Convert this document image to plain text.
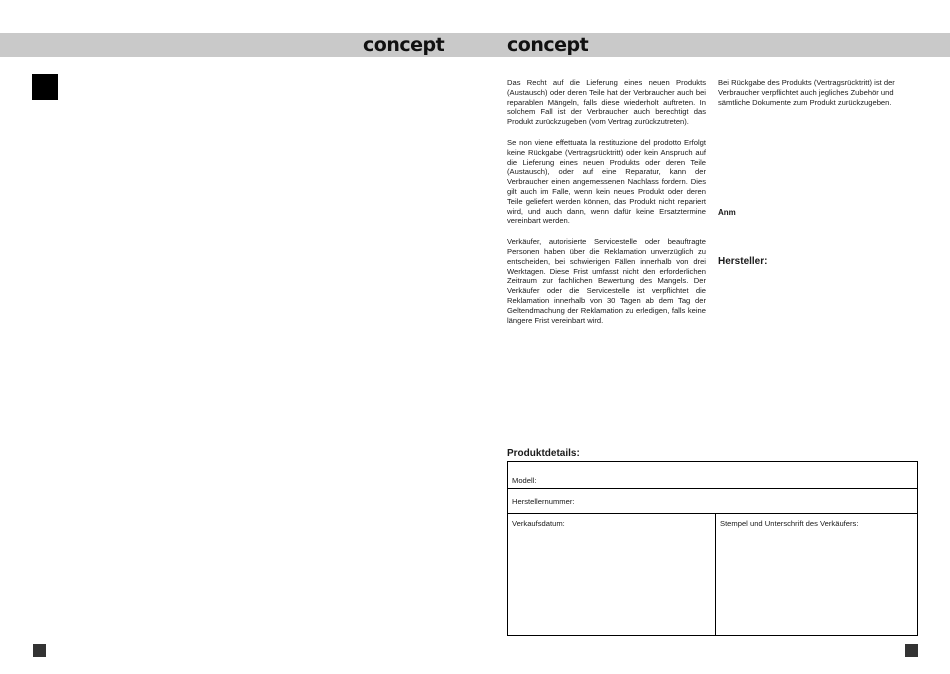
concept	concept

Das Recht auf die Lieferung eines neuen Produkts (Austausch) oder deren Teile hat der Verbraucher auch bei reparablen Mängeln, falls diese wiederholt auftreten. In solchem Fall ist der Verbraucher auch berechtigt das Produkt zurückzugeben (vom Vertrag zurückzutreten).

Se non viene effettuata la restituzione del prodotto Erfolgt keine Rückgabe (Vertragsrücktritt) oder kein Anspruch auf die Lieferung eines neuen Produkts oder deren Teile (Austausch), oder auf eine Reparatur, kann der Verbraucher einen angemessenen Nachlass fordern. Dies gilt auch im Falle, wenn kein neues Produkt oder deren Teile geliefert werden können, das Produkt nicht repariert wird, und auch dann, wenn dafür keine Ersatztermine vereinbart werden.

Verkäufer, autorisierte Servicestelle oder beauftragte Personen haben über die Reklamation unverzüglich zu entscheiden, bei schwierigen Fällen innerhalb von drei Werktagen. Diese Frist umfasst nicht den erforderlichen Zeitraum zur fachlichen Bewertung des Mangels. Der Verkäufer oder die Servicestelle ist verpflichtet die Reklamation innerhalb von 30 Tagen ab dem Tag der Geltendmachung der Reklamation zu erledigen, falls keine längere Frist vereinbart wird.

Bei Rückgabe des Produkts (Vertragsrücktritt) ist der Verbraucher verpflichtet auch jegliches Zubehör und sämtliche Dokumente zum Produkt zurückzugeben.

Anm
Hersteller:
Produktdetails:
Modell:
Herstellernummer:
Verkaufsdatum:	Stempel und Unterschrift des Verkäufers:
